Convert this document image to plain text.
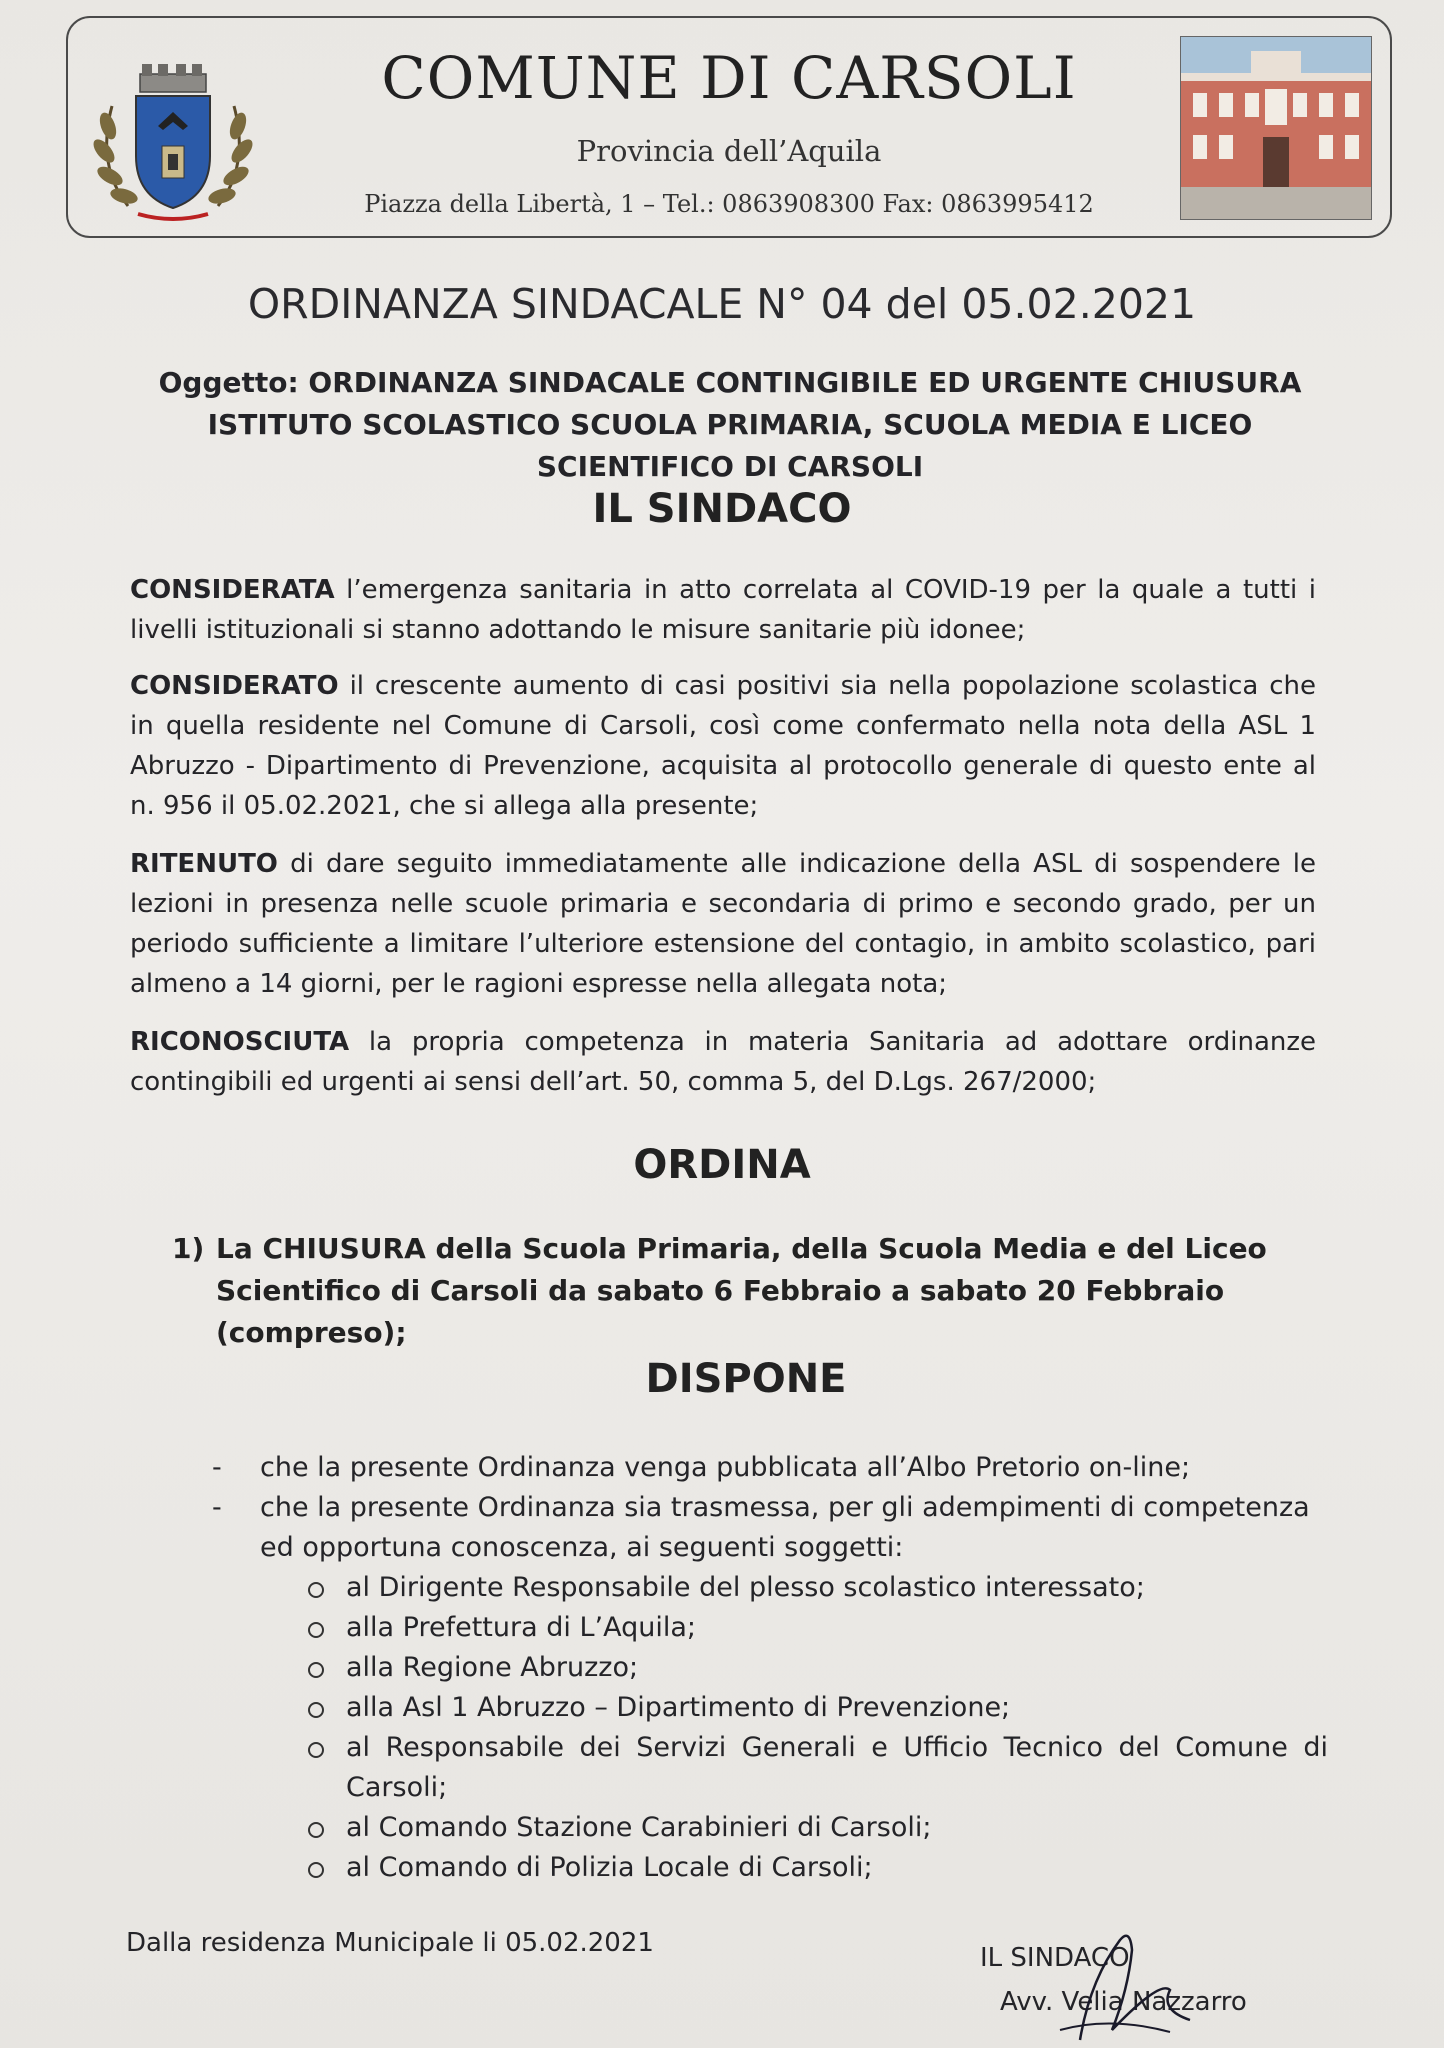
COMUNE DI CARSOLI
Provincia dell’Aquila
Piazza della Libertà, 1 – Tel.: 0863908300 Fax: 0863995412
ORDINANZA SINDACALE N° 04 del 05.02.2021
Oggetto: ORDINANZA SINDACALE CONTINGIBILE ED URGENTE CHIUSURA ISTITUTO SCOLASTICO SCUOLA PRIMARIA, SCUOLA MEDIA E LICEO SCIENTIFICO DI CARSOLI
IL SINDACO
CONSIDERATA l’emergenza sanitaria in atto correlata al COVID-19 per la quale a tutti i livelli istituzionali si stanno adottando le misure sanitarie più idonee;
CONSIDERATO il crescente aumento di casi positivi sia nella popolazione scolastica che in quella residente nel Comune di Carsoli, così come confermato nella nota della ASL 1 Abruzzo - Dipartimento di Prevenzione, acquisita al protocollo generale di questo ente al n. 956 il 05.02.2021, che si allega alla presente;
RITENUTO di dare seguito immediatamente alle indicazione della ASL di sospendere le lezioni in presenza nelle scuole primaria e secondaria di primo e secondo grado, per un periodo sufficiente a limitare l’ulteriore estensione del contagio, in ambito scolastico, pari almeno a 14 giorni, per le ragioni espresse nella allegata nota;
RICONOSCIUTA la propria competenza in materia Sanitaria ad adottare ordinanze contingibili ed urgenti ai sensi dell’art. 50, comma 5, del D.Lgs. 267/2000;
ORDINA
1) La CHIUSURA della Scuola Primaria, della Scuola Media e del Liceo Scientifico di Carsoli da sabato 6 Febbraio a sabato 20 Febbraio (compreso);
DISPONE
- che la presente Ordinanza venga pubblicata all’Albo Pretorio on-line;
- che la presente Ordinanza sia trasmessa, per gli adempimenti di competenza ed opportuna conoscenza, ai seguenti soggetti:
al Dirigente Responsabile del plesso scolastico interessato;
alla Prefettura di L’Aquila;
alla Regione Abruzzo;
alla Asl 1 Abruzzo – Dipartimento di Prevenzione;
al Responsabile dei Servizi Generali e Ufficio Tecnico del Comune di Carsoli;
al Comando Stazione Carabinieri di Carsoli;
al Comando di Polizia Locale di Carsoli;
Dalla residenza Municipale li 05.02.2021	IL SINDACO
Avv. Velia Nazzarro
